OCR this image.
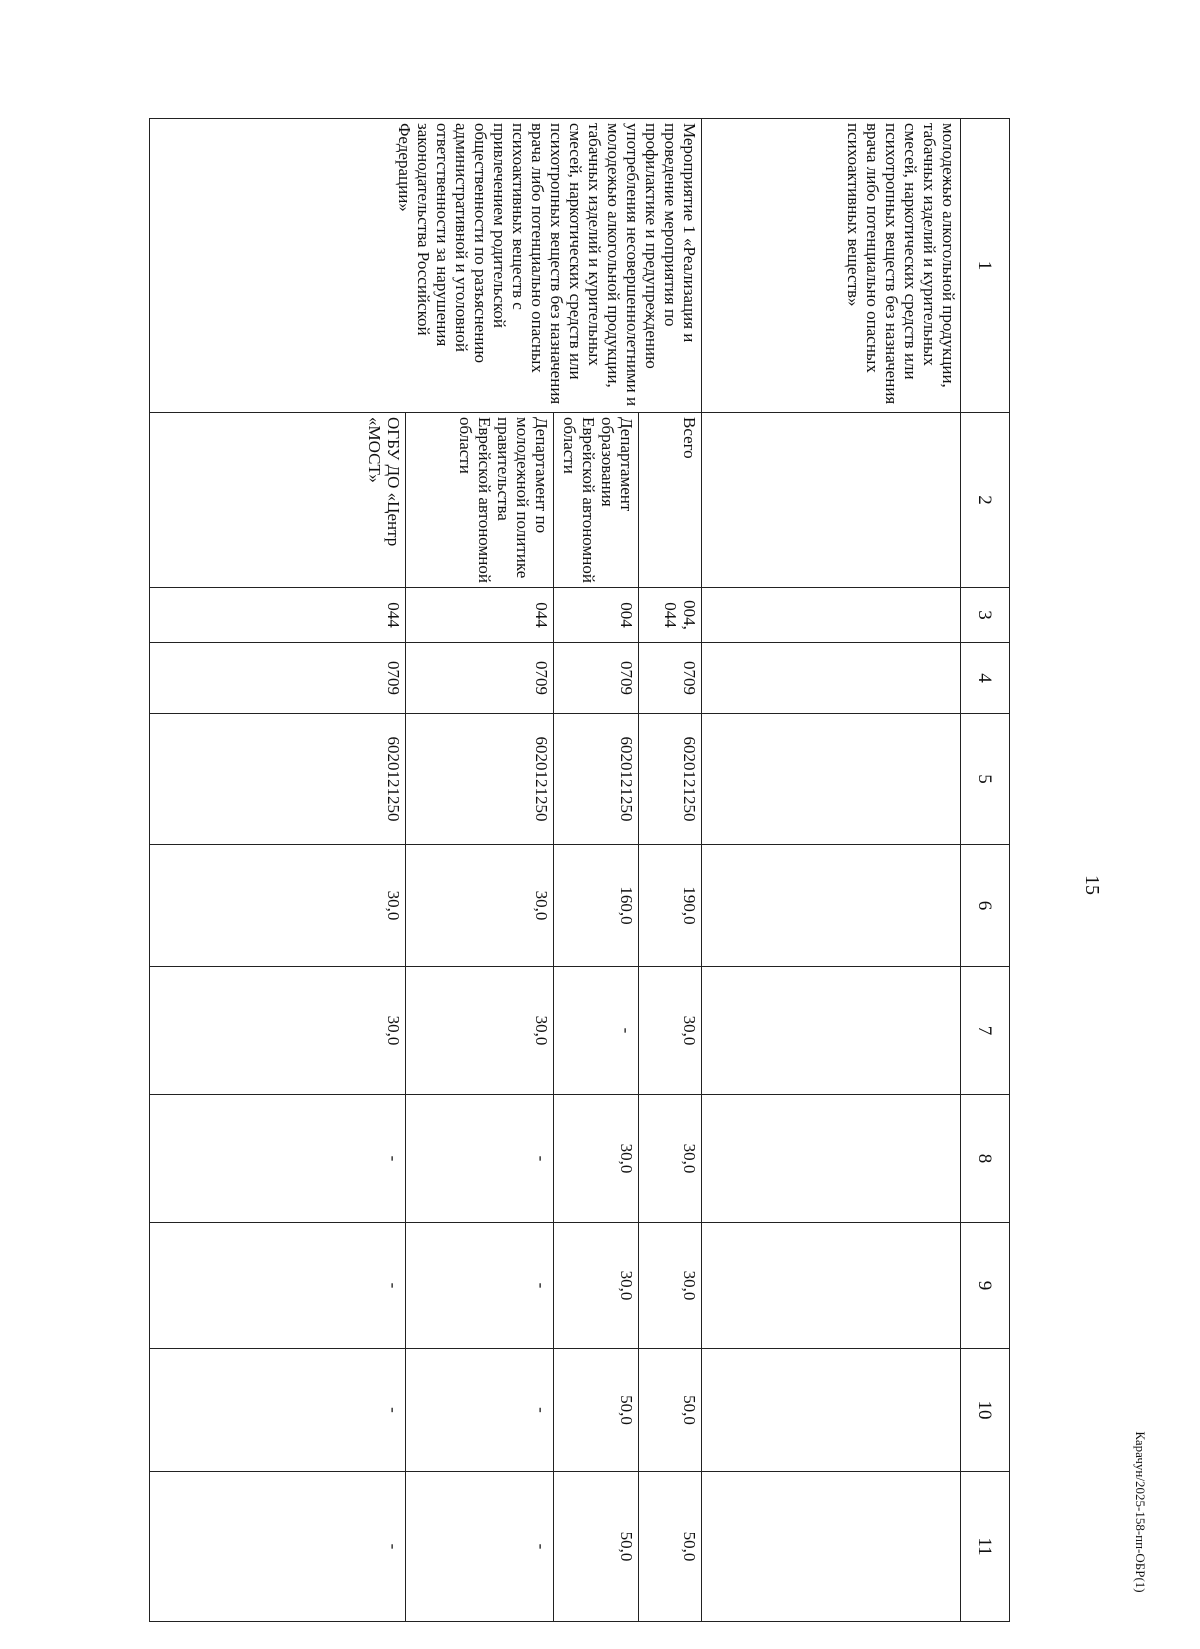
15
Карачун/2025-158-пп-ОБР(1)
1	2	3	4	5	6	7	8	9	10	11
молодежью алкогольной продукции, табачных изделий и курительных смесей, наркотических средств или психотропных веществ без назначения врача либо потенциально опасных психоактивных веществ»										
Мероприятие 1 «Реализация и проведение мероприятия по профилактике и предупреждению употребления несовершеннолетними и молодежью алкогольной продукции, табачных изделий и курительных смесей, наркотических средств или психотропных веществ без назначения врача либо потенциально опасных психоактивных веществ с привлечением родительской общественности по разъяснению административной и уголовной ответственности за нарушения законодательства Российской Федерации»	Всего	004, 044	0709	6020121250	190,0	30,0	30,0	30,0	50,0	50,0
	Департамент образования Еврейской автономной области	004	0709	6020121250	160,0	-	30,0	30,0	50,0	50,0
	Департамент по молодежной политике правительства Еврейской автономной области	044	0709	6020121250	30,0	30,0	-	-	-	-
	ОГБУ ДО «Центр «МОСТ»	044	0709	6020121250	30,0	30,0	-	-	-	-
